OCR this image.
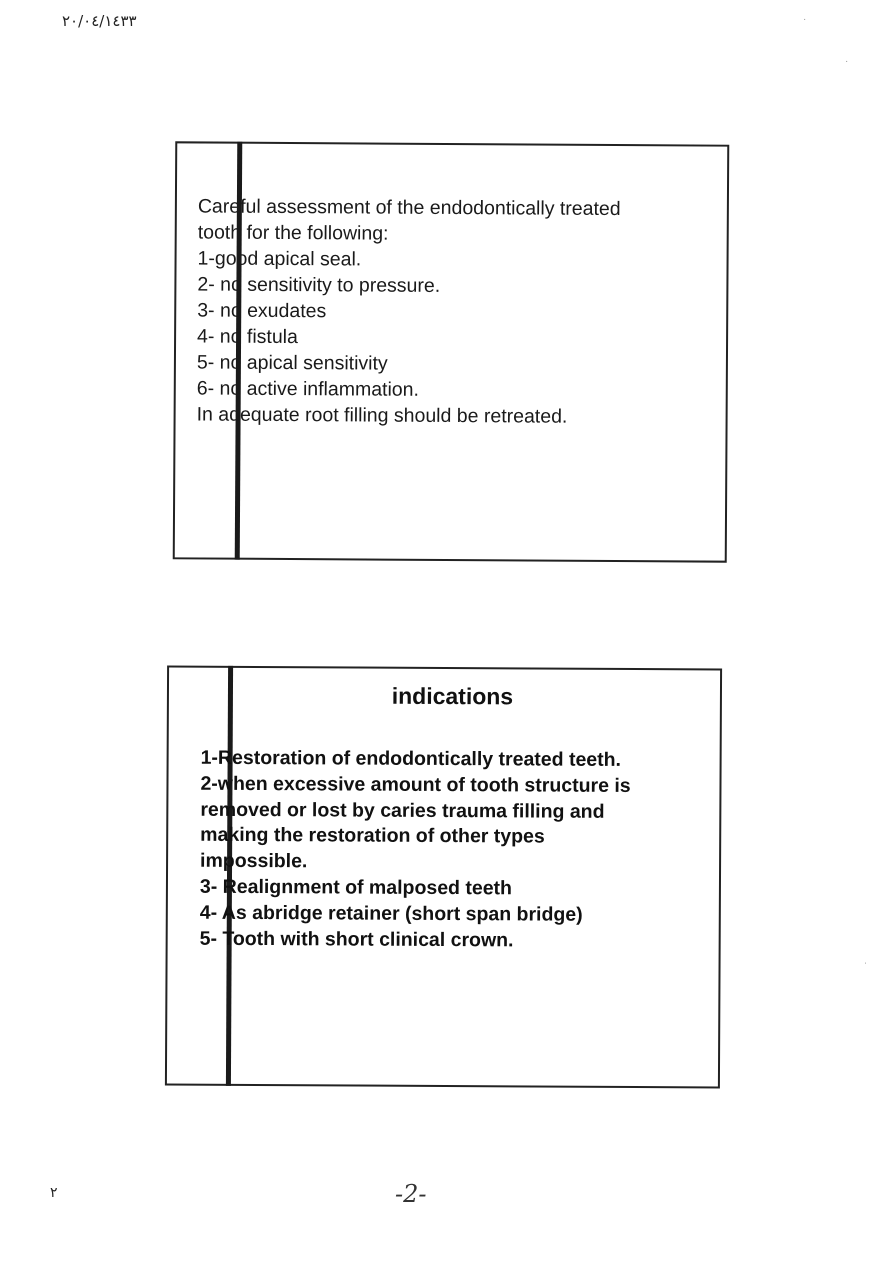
٢٠/٠٤/١٤٣٣
Careful assessment of the endodontically treated
tooth for the following:
1-good apical seal.
2- no sensitivity to pressure.
3- no exudates
4- no fistula
5- no apical sensitivity
6- no active inflammation.
In adequate root filling should be retreated.
indications
1-Restoration of endodontically treated teeth.
2-when excessive amount of tooth structure is
removed or lost by caries trauma filling and
making the restoration of other types
impossible.
3- Realignment of malposed teeth
4- As abridge retainer (short span bridge)
5- Tooth with short clinical crown.
٢	-2-
·
·
ˈ
